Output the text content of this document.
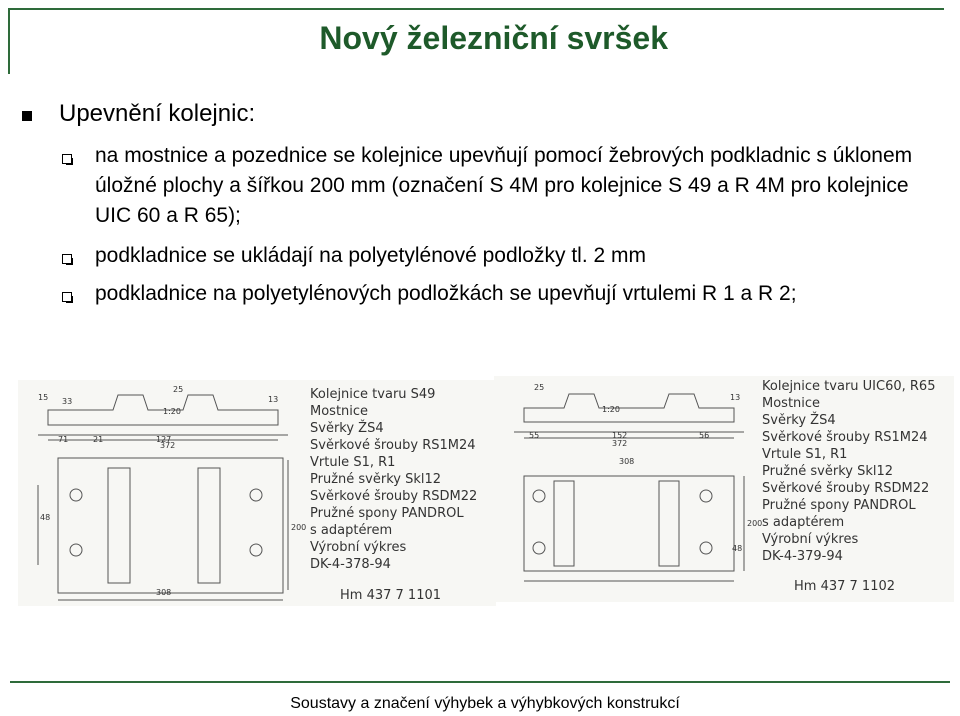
Nový železniční svršek
Upevnění kolejnic:
na mostnice a pozednice se kolejnice upevňují pomocí žebrových podkladnic s úklonem úložné plochy a šířkou 200 mm (označení S 4M pro kolejnice S 49 a R 4M pro kolejnice UIC 60 a R 65);
podkladnice se ukládají na polyetylénové podložky tl. 2 mm
podkladnice na polyetylénových podložkách se upevňují vrtulemi R 1 a R 2;
1:20
372
127
33
21
71
308
200
15
25
13
48
Kolejnice tvaru S49
Mostnice
Svěrky ŽS4
Svěrkové šrouby RS1M24
Vrtule S1, R1
Pružné svěrky Skl12
Svěrkové šrouby RSDM22
Pružné spony PANDROL
s adaptérem
Výrobní výkres
DK-4-378-94
Hm 437 7 1101
1:20
372
152
308
56
55
200
25
13
48
Kolejnice tvaru UIC60, R65
Mostnice
Svěrky ŽS4
Svěrkové šrouby RS1M24
Vrtule S1, R1
Pružné svěrky Skl12
Svěrkové šrouby RSDM22
Pružné spony PANDROL
s adaptérem
Výrobní výkres
DK-4-379-94
Hm 437 7 1102
Soustavy a značení výhybek a výhybkových konstrukcí
